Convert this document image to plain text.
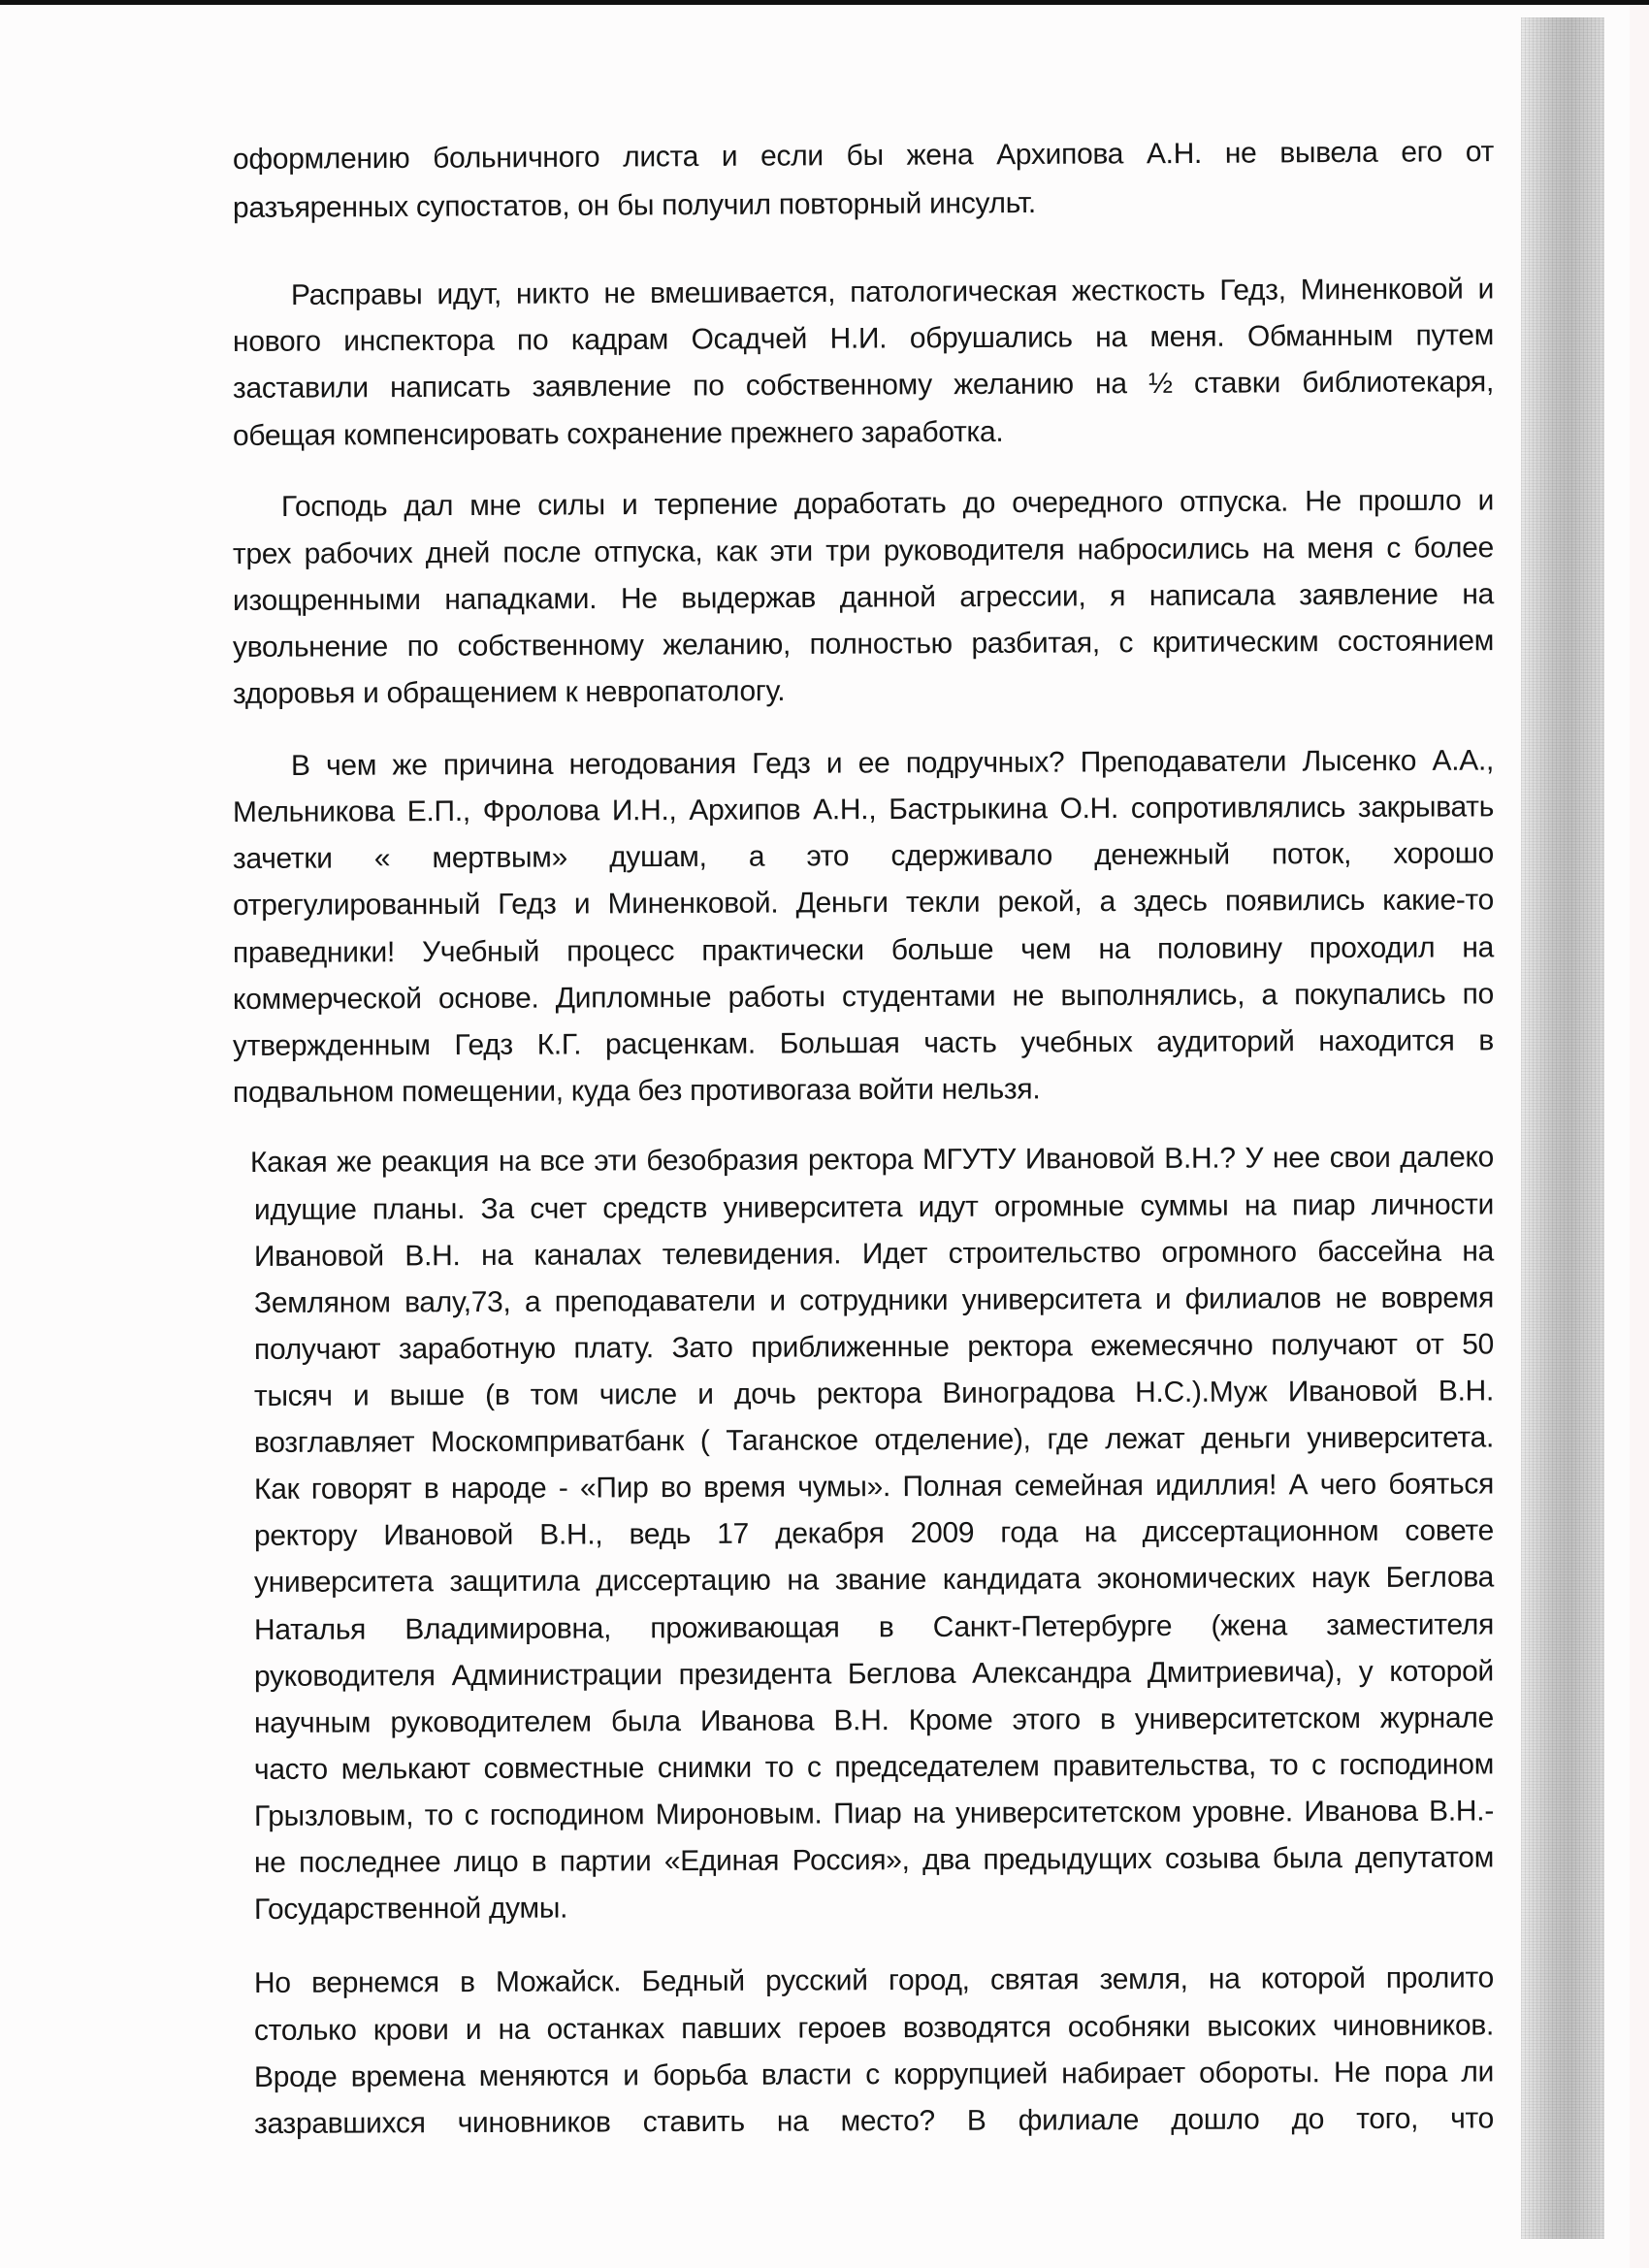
оформлению больничного листа и если бы жена Архипова А.Н. не вывела его от
разъяренных супостатов, он бы получил повторный инсульт.
Расправы идут, никто не вмешивается, патологическая жесткость Гедз, Миненковой и
нового инспектора по кадрам Осадчей Н.И. обрушались на меня. Обманным путем
заставили написать заявление по собственному желанию на ½ ставки библиотекаря,
обещая компенсировать сохранение прежнего заработка.
Господь дал мне силы и терпение доработать до очередного отпуска. Не прошло и
трех рабочих дней после отпуска, как эти три руководителя набросились на меня с более
изощренными нападками. Не выдержав данной агрессии, я написала заявление на
увольнение по собственному желанию, полностью разбитая, с критическим состоянием
здоровья и обращением к невропатологу.
В чем же причина негодования Гедз и ее подручных? Преподаватели Лысенко А.А.,
Мельникова Е.П., Фролова И.Н., Архипов А.Н., Бастрыкина О.Н. сопротивлялись закрывать
зачетки « мертвым» душам, а это сдерживало денежный поток, хорошо
отрегулированный Гедз и Миненковой. Деньги текли рекой, а здесь появились какие-то
праведники! Учебный процесс практически больше чем на половину проходил на
коммерческой основе. Дипломные работы студентами не выполнялись, а покупались по
утвержденным Гедз К.Г. расценкам. Большая часть учебных аудиторий находится в
подвальном помещении, куда без противогаза войти нельзя.
Какая же реакция на все эти безобразия ректора МГУТУ Ивановой В.Н.? У нее свои далеко
идущие планы. За счет средств университета идут огромные суммы на пиар личности
Ивановой В.Н. на каналах телевидения. Идет строительство огромного бассейна на
Земляном валу,73, а преподаватели и сотрудники университета и филиалов не вовремя
получают заработную плату. Зато приближенные ректора ежемесячно получают от 50
тысяч и выше (в том числе и дочь ректора Виноградова Н.С.).Муж Ивановой В.Н.
возглавляет Москомприватбанк ( Таганское отделение), где лежат деньги университета.
Как говорят в народе - «Пир во время чумы». Полная семейная идиллия! А чего бояться
ректору Ивановой В.Н., ведь 17 декабря 2009 года на диссертационном совете
университета защитила диссертацию на звание кандидата экономических наук Беглова
Наталья Владимировна, проживающая в Санкт-Петербурге (жена заместителя
руководителя Администрации президента Беглова Александра Дмитриевича), у которой
научным руководителем была Иванова В.Н. Кроме этого в университетском журнале
часто мелькают совместные снимки то с председателем правительства, то с господином
Грызловым, то с господином Мироновым. Пиар на университетском уровне. Иванова В.Н.-
не последнее лицо в партии «Единая Россия», два предыдущих созыва была депутатом
Государственной думы.
Но вернемся в Можайск. Бедный русский город, святая земля, на которой пролито
столько крови и на останках павших героев возводятся особняки высоких чиновников.
Вроде времена меняются и борьба власти с коррупцией набирает обороты. Не пора ли
зазравшихся чиновников ставить на место? В филиале дошло до того, что
